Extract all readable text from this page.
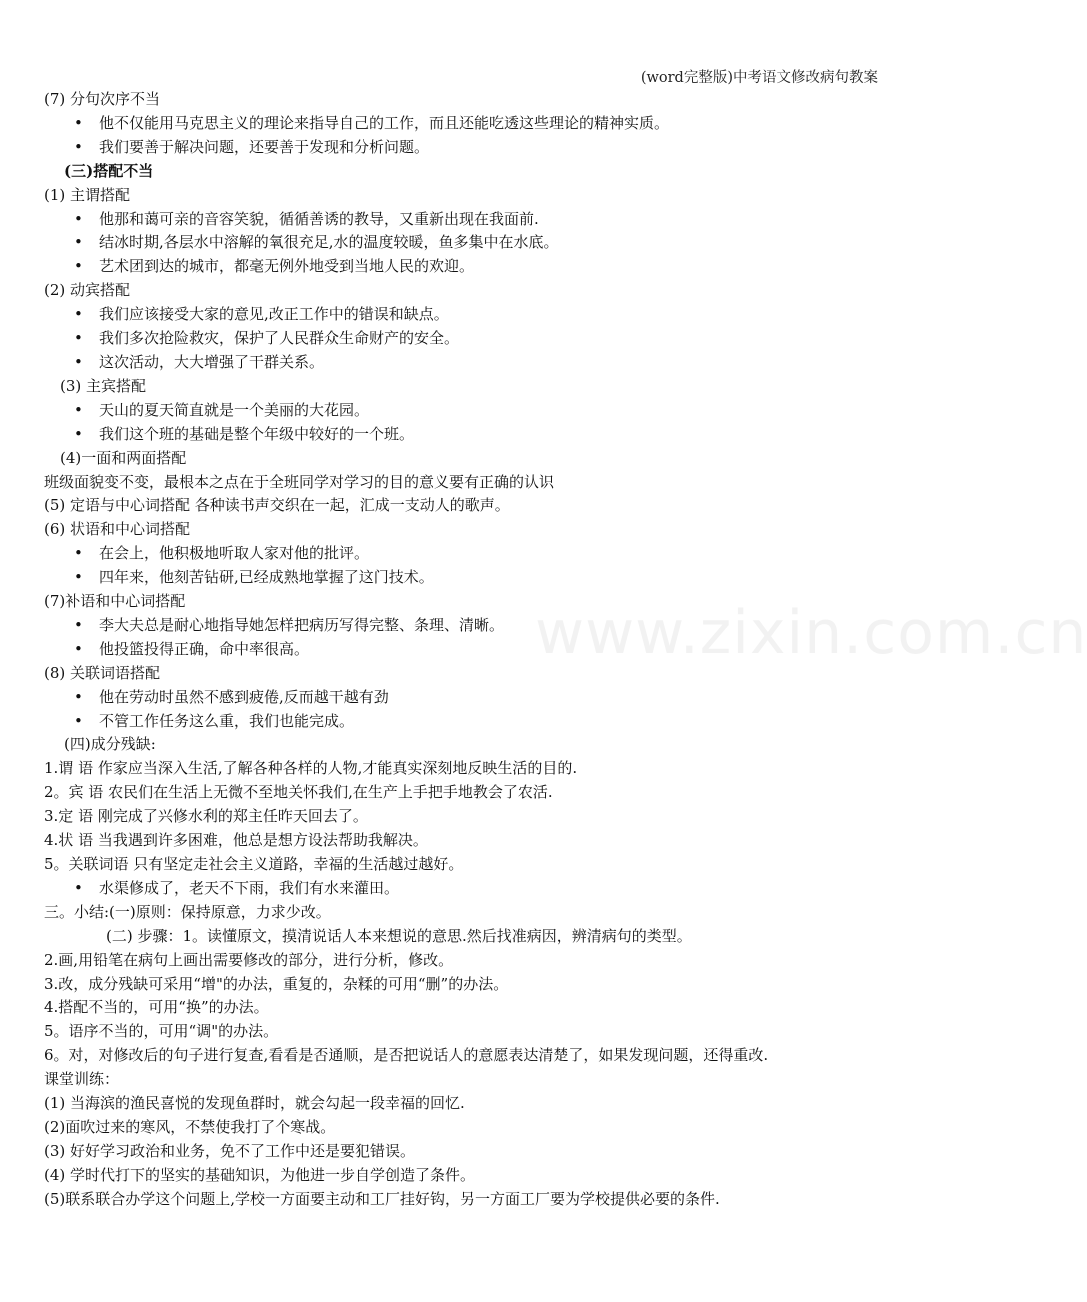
(word完整版)中考语文修改病句教案
(7) 分句次序不当
• 他不仅能用马克思主义的理论来指导自己的工作，而且还能吃透这些理论的精神实质。
• 我们要善于解决问题，还要善于发现和分析问题。
(三)搭配不当
(1) 主谓搭配
• 他那和蔼可亲的音容笑貌，循循善诱的教导，又重新出现在我面前.
• 结冰时期,各层水中溶解的氧很充足,水的温度较暖，鱼多集中在水底。
• 艺术团到达的城市，都毫无例外地受到当地人民的欢迎。
(2) 动宾搭配
• 我们应该接受大家的意见,改正工作中的错误和缺点。
• 我们多次抢险救灾，保护了人民群众生命财产的安全。
• 这次活动，大大增强了干群关系。
(3) 主宾搭配
• 天山的夏天简直就是一个美丽的大花园。
• 我们这个班的基础是整个年级中较好的一个班。
(4)一面和两面搭配
班级面貌变不变，最根本之点在于全班同学对学习的目的意义要有正确的认识
(5) 定语与中心词搭配 各种读书声交织在一起，汇成一支动人的歌声。
(6) 状语和中心词搭配
• 在会上，他积极地听取人家对他的批评。
• 四年来，他刻苦钻研,已经成熟地掌握了这门技术。
(7)补语和中心词搭配
• 李大夫总是耐心地指导她怎样把病历写得完整、条理、清晰。
• 他投篮投得正确，命中率很高。
(8) 关联词语搭配
• 他在劳动时虽然不感到疲倦,反而越干越有劲
• 不管工作任务这么重，我们也能完成。
(四)成分残缺:
1.谓 语 作家应当深入生活,了解各种各样的人物,才能真实深刻地反映生活的目的.
2。宾 语 农民们在生活上无微不至地关怀我们,在生产上手把手地教会了农活.
3.定 语 刚完成了兴修水利的郑主任昨天回去了。
4.状 语 当我遇到许多困难，他总是想方设法帮助我解决。
5。关联词语 只有坚定走社会主义道路，幸福的生活越过越好。
• 水渠修成了，老天不下雨，我们有水来灌田。
三。小结:(一)原则：保持原意，力求少改。
(二) 步骤：1。读懂原文，摸清说话人本来想说的意思.然后找准病因，辨清病句的类型。
2.画,用铅笔在病句上画出需要修改的部分，进行分析，修改。
3.改，成分残缺可采用“增"的办法，重复的，杂糅的可用“删”的办法。
4.搭配不当的，可用“换”的办法。
5。语序不当的，可用“调"的办法。
6。对，对修改后的句子进行复查,看看是否通顺，是否把说话人的意愿表达清楚了，如果发现问题，还得重改.
课堂训练：
(1) 当海滨的渔民喜悦的发现鱼群时，就会勾起一段幸福的回忆.
(2)面吹过来的寒风，不禁使我打了个寒战。
(3) 好好学习政治和业务，免不了工作中还是要犯错误。
(4) 学时代打下的坚实的基础知识，为他进一步自学创造了条件。
(5)联系联合办学这个问题上,学校一方面要主动和工厂挂好钩，另一方面工厂要为学校提供必要的条件.
www.zixin.com.cn
